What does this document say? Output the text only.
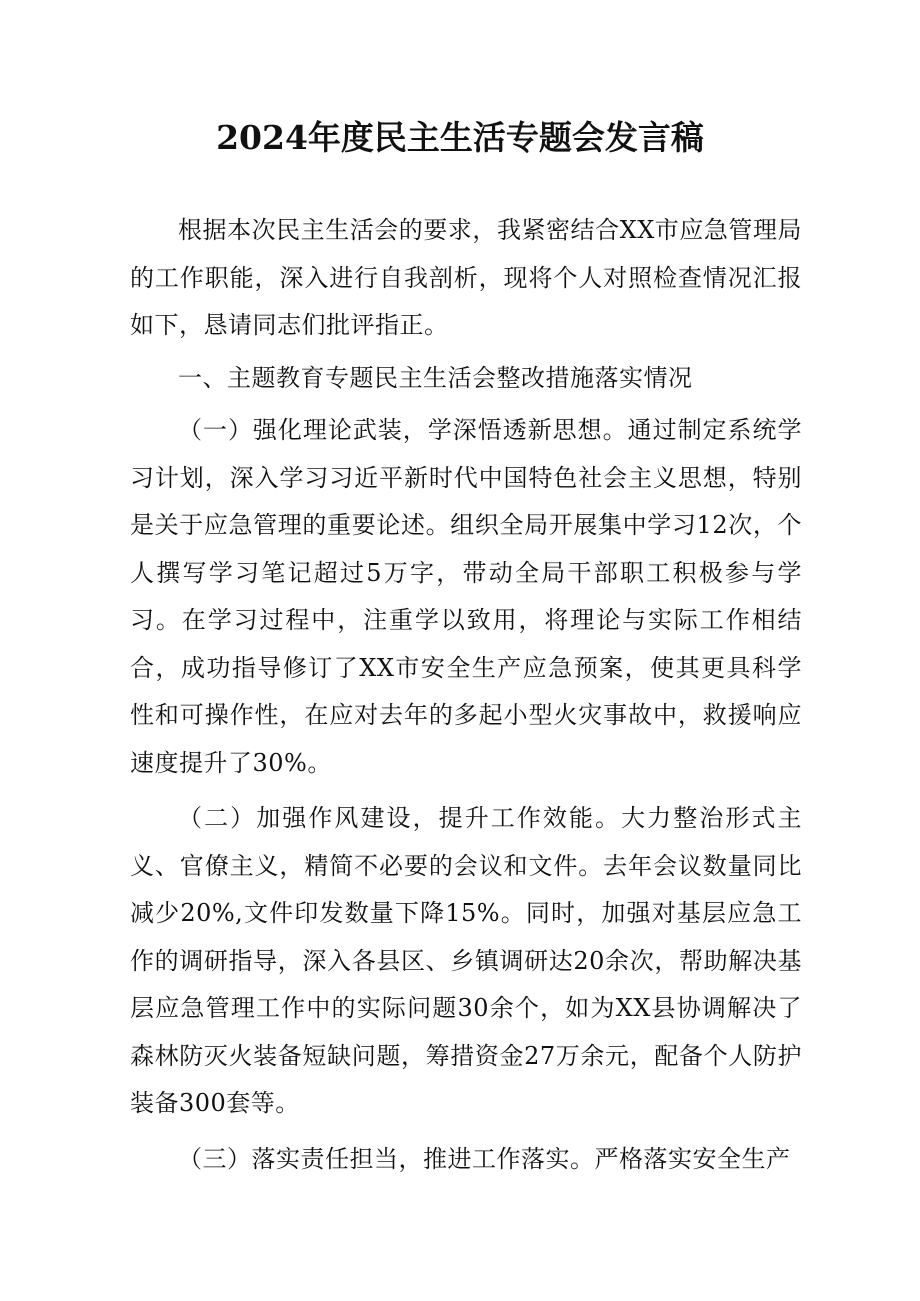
2024年度民主生活专题会发言稿

根据本次民主生活会的要求，我紧密结合XX市应急管理局的工作职能，深入进行自我剖析，现将个人对照检查情况汇报如下，恳请同志们批评指正。

一、主题教育专题民主生活会整改措施落实情况

（一）强化理论武装，学深悟透新思想。通过制定系统学习计划，深入学习习近平新时代中国特色社会主义思想，特别是关于应急管理的重要论述。组织全局开展集中学习12次，个人撰写学习笔记超过5万字，带动全局干部职工积极参与学习。在学习过程中，注重学以致用，将理论与实际工作相结合，成功指导修订了XX市安全生产应急预案，使其更具科学性和可操作性，在应对去年的多起小型火灾事故中，救援响应速度提升了30%。

（二）加强作风建设，提升工作效能。大力整治形式主义、官僚主义，精简不必要的会议和文件。去年会议数量同比减少20%,文件印发数量下降15%。同时，加强对基层应急工作的调研指导，深入各县区、乡镇调研达20余次，帮助解决基层应急管理工作中的实际问题30余个，如为XX县协调解决了森林防灭火装备短缺问题，筹措资金27万余元，配备个人防护装备300套等。

（三）落实责任担当，推进工作落实。严格落实安全生产
